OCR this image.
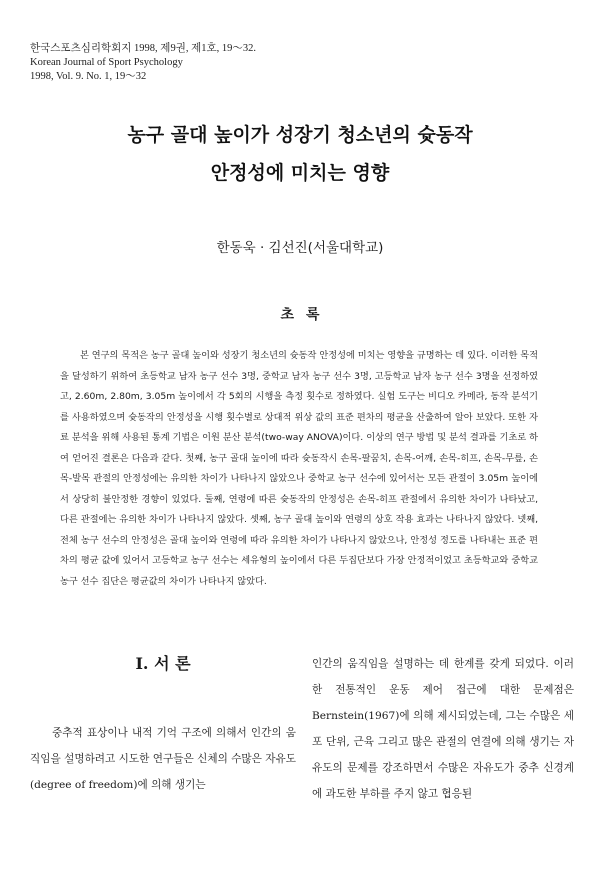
한국스포츠심리학회지 1998, 제9권, 제1호, 19～32.
Korean Journal of Sport Psychology
1998, Vol. 9. No. 1, 19～32
농구 골대 높이가 성장기 청소년의 슛동작
안정성에 미치는 영향
한동욱 · 김선진(서울대학교)
초록

본 연구의 목적은 농구 골대 높이와 성장기 청소년의 슛동작 안정성에 미치는 영향을 규명하는 데 있다. 이러한 목적을 달성하기 위하여 초등학교 남자 농구 선수 3명, 중학교 남자 농구 선수 3명, 고등학교 남자 농구 선수 3명을 선정하였고, 2.60m, 2.80m, 3.05m 높이에서 각 5회의 시행을 측정 횟수로 정하였다. 실험 도구는 비디오 카메라, 동작 분석기를 사용하였으며 슛동작의 안정성을 시행 횟수별로 상대적 위상 값의 표준 편차의 평균을 산출하여 알아 보았다. 또한 자료 분석을 위해 사용된 통계 기법은 이원 분산 분석(two-way ANOVA)이다. 이상의 연구 방법 및 분석 결과를 기초로 하여 얻어진 결론은 다음과 같다. 첫째, 농구 골대 높이에 따라 슛동작시 손목-팔꿈치, 손목-어깨, 손목-히프, 손목-무릎, 손목-발목 관절의 안정성에는 유의한 차이가 나타나지 않았으나 중학교 농구 선수에 있어서는 모든 관절이 3.05m 높이에서 상당히 불안정한 경향이 있었다. 둘째, 연령에 따른 슛동작의 안정성은 손목-히프 관절에서 유의한 차이가 나타났고, 다른 관절에는 유의한 차이가 나타나지 않았다. 셋째, 농구 골대 높이와 연령의 상호 작용 효과는 나타나지 않았다. 넷째, 전체 농구 선수의 안정성은 골대 높이와 연령에 따라 유의한 차이가 나타나지 않았으나, 안정성 정도를 나타내는 표준 편차의 평균 값에 있어서 고등학교 농구 선수는 세유형의 높이에서 다른 두집단보다 가장 안정적이었고 초등학교와 중학교 농구 선수 집단은 평균값의 차이가 나타나지 않았다.

Ⅰ. 서 론

중추적 표상이나 내적 기억 구조에 의해서 인간의 움직임을 설명하려고 시도한 연구들은 신체의 수많은 자유도(degree of freedom)에 의해 생기는

인간의 움직임을 설명하는 데 한계를 갖게 되었다. 이러한 전통적인 운동 제어 접근에 대한 문제점은 Bernstein(1967)에 의해 제시되었는데, 그는 수많은 세포 단위, 근육 그리고 많은 관절의 연결에 의해 생기는 자유도의 문제를 강조하면서 수많은 자유도가 중추 신경계에 과도한 부하를 주지 않고 협응된
